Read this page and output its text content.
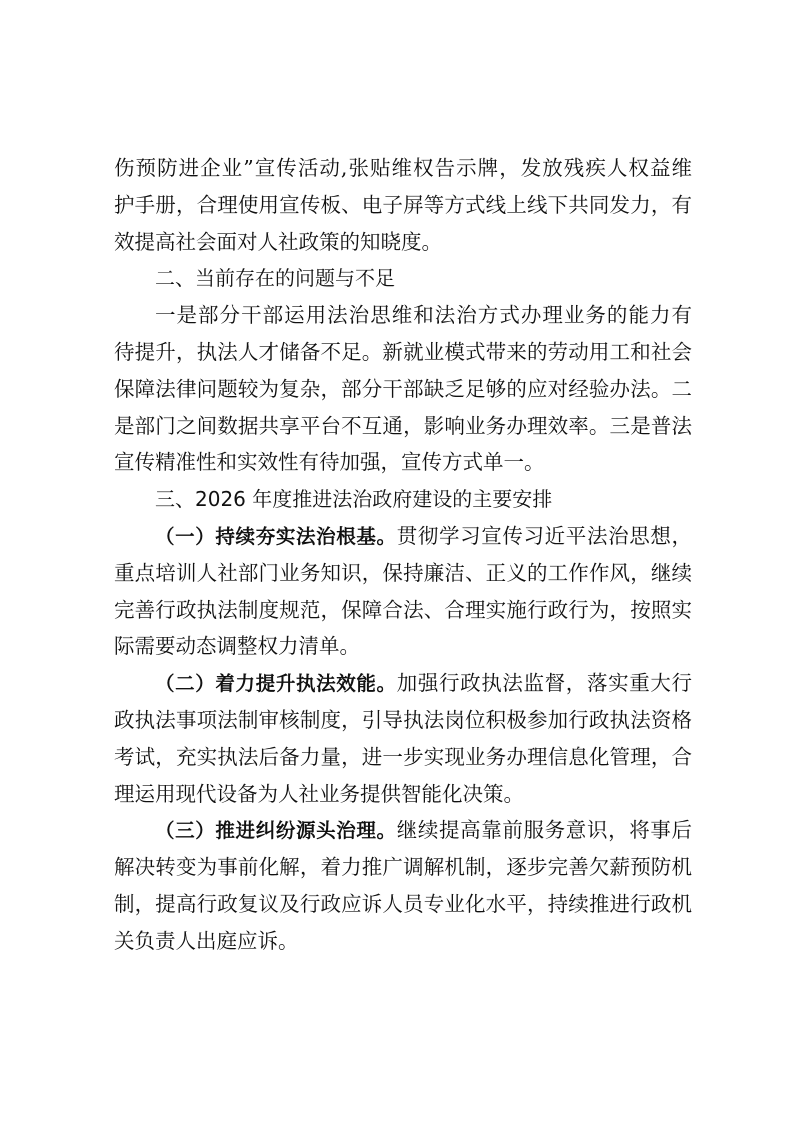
伤预防进企业”宣传活动,张贴维权告示牌，发放残疾人权益维
护手册，合理使用宣传板、电子屏等方式线上线下共同发力，有
效提高社会面对人社政策的知晓度。
二、当前存在的问题与不足
一是部分干部运用法治思维和法治方式办理业务的能力有
待提升，执法人才储备不足。新就业模式带来的劳动用工和社会
保障法律问题较为复杂，部分干部缺乏足够的应对经验办法。二
是部门之间数据共享平台不互通，影响业务办理效率。三是普法
宣传精准性和实效性有待加强，宣传方式单一。
三、2026 年度推进法治政府建设的主要安排
（一）持续夯实法治根基。贯彻学习宣传习近平法治思想，
重点培训人社部门业务知识，保持廉洁、正义的工作作风，继续
完善行政执法制度规范，保障合法、合理实施行政行为，按照实
际需要动态调整权力清单。
（二）着力提升执法效能。加强行政执法监督，落实重大行
政执法事项法制审核制度，引导执法岗位积极参加行政执法资格
考试，充实执法后备力量，进一步实现业务办理信息化管理，合
理运用现代设备为人社业务提供智能化决策。
（三）推进纠纷源头治理。继续提高靠前服务意识，将事后
解决转变为事前化解，着力推广调解机制，逐步完善欠薪预防机
制，提高行政复议及行政应诉人员专业化水平，持续推进行政机
关负责人出庭应诉。
